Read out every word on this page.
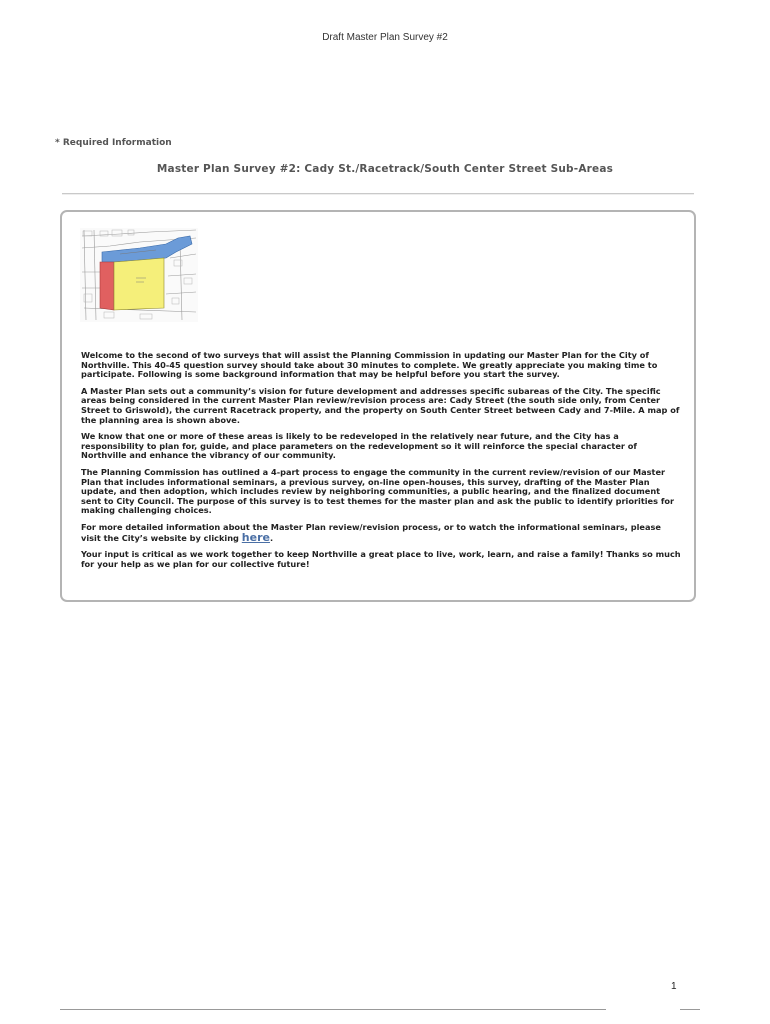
Draft Master Plan Survey #2
* Required Information
Master Plan Survey #2: Cady St./Racetrack/South Center Street Sub-Areas

Welcome to the second of two surveys that will assist the Planning Commission in updating our Master Plan for the City of Northville. This 40-45 question survey should take about 30 minutes to complete. We greatly appreciate you making time to participate. Following is some background information that may be helpful before you start the survey.

A Master Plan sets out a community’s vision for future development and addresses specific subareas of the City. The specific areas being considered in the current Master Plan review/revision process are: Cady Street (the south side only, from Center Street to Griswold), the current Racetrack property, and the property on South Center Street between Cady and 7-Mile. A map of the planning area is shown above.

We know that one or more of these areas is likely to be redeveloped in the relatively near future, and the City has a responsibility to plan for, guide, and place parameters on the redevelopment so it will reinforce the special character of Northville and enhance the vibrancy of our community.

The Planning Commission has outlined a 4-part process to engage the community in the current review/revision of our Master Plan that includes informational seminars, a previous survey, on-line open-houses, this survey, drafting of the Master Plan update, and then adoption, which includes review by neighboring communities, a public hearing, and the finalized document sent to City Council. The purpose of this survey is to test themes for the master plan and ask the public to identify priorities for making challenging choices.

For more detailed information about the Master Plan review/revision process, or to watch the informational seminars, please visit the City’s website by clicking here.

Your input is critical as we work together to keep Northville a great place to live, work, learn, and raise a family! Thanks so much for your help as we plan for our collective future!

1
